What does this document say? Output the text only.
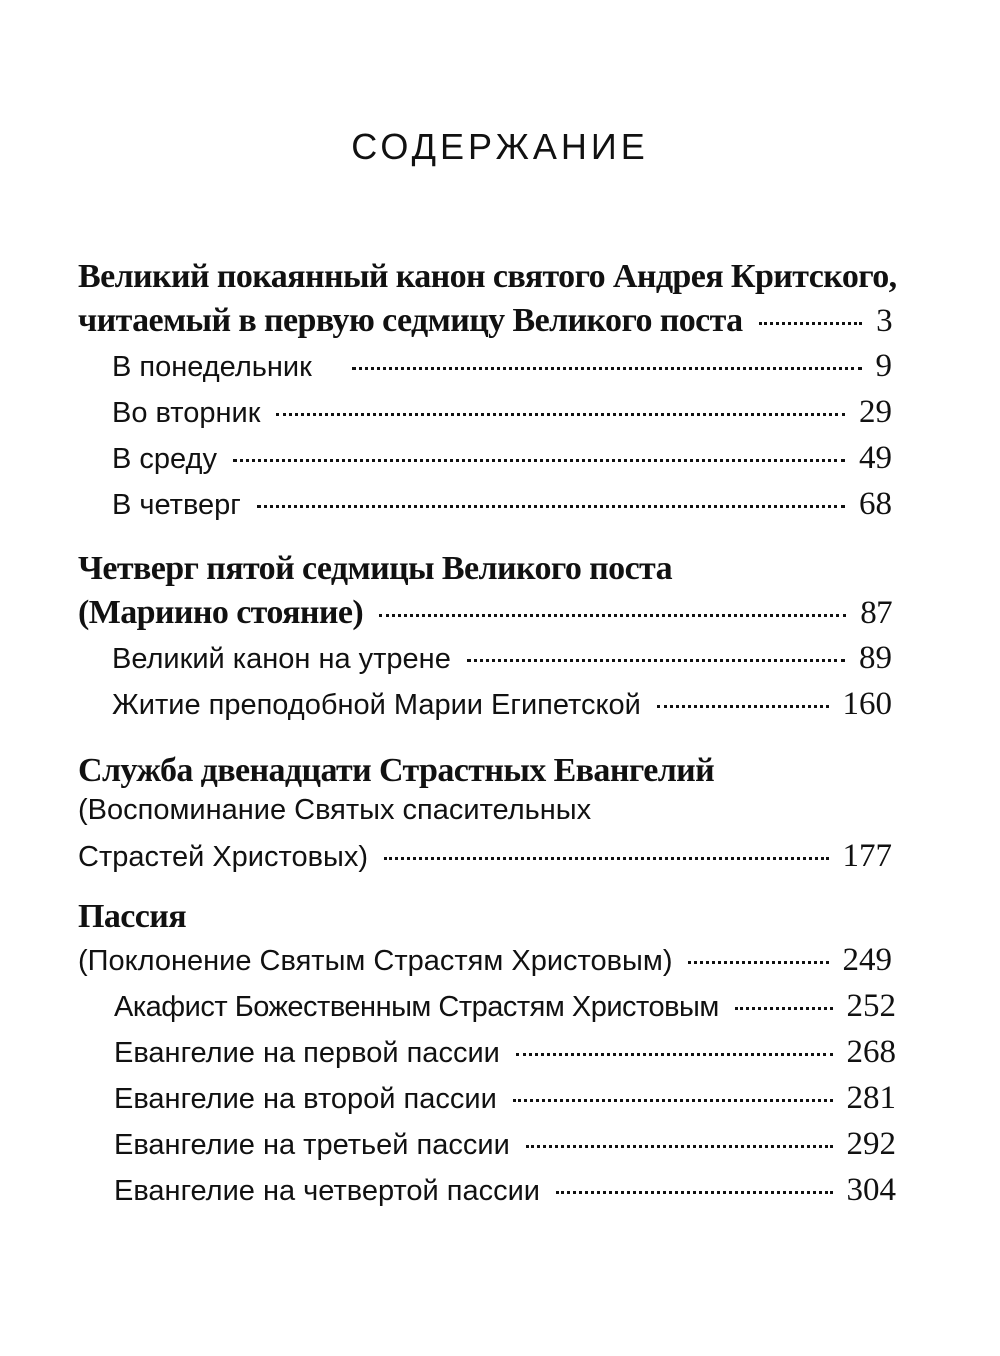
СОДЕРЖАНИЕ
Великий покаянный канон святого Андрея Критского,
читаемый в первую седмицу Великого поста	3
В понедельник	9
Во вторник	29
В среду	49
В четверг	68
Четверг пятой седмицы Великого поста
(Мариино стояние)	87
Великий канон на утрене	89
Житие преподобной Марии Египетской	160
Служба двенадцати Страстных Евангелий
(Воспоминание Святых спасительных
Страстей Христовых)	177
Пассия
(Поклонение Святым Страстям Христовым)	249
Акафист Божественным Страстям Христовым	252
Евангелие на первой пассии	268
Евангелие на второй пассии	281
Евангелие на третьей пассии	292
Евангелие на четвертой пассии	304
